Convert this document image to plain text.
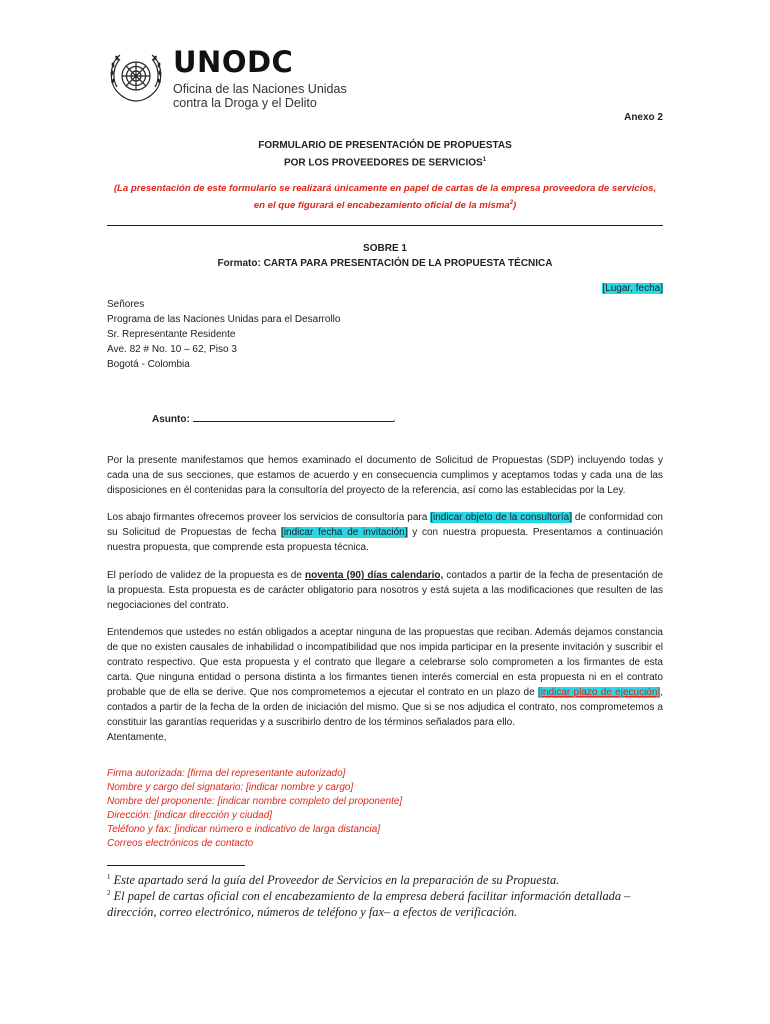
UNODC
Oficina de las Naciones Unidas
contra la Droga y el Delito
Anexo 2
FORMULARIO DE PRESENTACIÓN DE PROPUESTAS
POR LOS PROVEEDORES DE SERVICIOS$^1$
(La presentación de este formulario se realizará únicamente en papel de cartas de la empresa proveedora de servicios,
en el que figurará el encabezamiento oficial de la misma$^2$)
SOBRE 1
Formato: CARTA PARA PRESENTACIÓN DE LA PROPUESTA TÉCNICA
[Lugar, fecha]
Señores
Programa de las Naciones Unidas para el Desarrollo
Sr. Representante Residente
Ave. 82 # No. 10 – 62, Piso 3
Bogotá - Colombia
Asunto:	.
Por la presente manifestamos que hemos examinado el documento de Solicitud de Propuestas (SDP) incluyendo todas y cada una de sus secciones, que estamos de acuerdo y en consecuencia cumplimos y aceptamos todas y cada una de las disposiciones en él contenidas para la consultoría del proyecto de la referencia, así como las establecidas por la Ley.
Los abajo firmantes ofrecemos proveer los servicios de consultoría para [indicar objeto de la consultoría] de conformidad con su Solicitud de Propuestas de fecha [indicar fecha de invitación] y con nuestra propuesta. Presentamos a continuación nuestra propuesta, que comprende esta propuesta técnica.
El período de validez de la propuesta es de noventa (90) días calendario, contados a partir de la fecha de presentación de la propuesta. Esta propuesta es de carácter obligatorio para nosotros y está sujeta a las modificaciones que resulten de las negociaciones del contrato.
Entendemos que ustedes no están obligados a aceptar ninguna de las propuestas que reciban. Además dejamos constancia de que no existen causales de inhabilidad o incompatibilidad que nos impida participar en la presente invitación y suscribir el contrato respectivo. Que esta propuesta y el contrato que llegare a celebrarse solo comprometen a los firmantes de esta carta. Que ninguna entidad o persona distinta a los firmantes tienen interés comercial en esta propuesta ni en el contrato probable que de ella se derive. Que nos comprometemos a ejecutar el contrato en un plazo de [indicar plazo de ejecución], contados a partir de la fecha de la orden de iniciación del mismo. Que si se nos adjudica el contrato, nos comprometemos a constituir las garantías requeridas y a suscribirlo dentro de los términos señalados para ello.
Atentamente,
Firma autorizada: [firma del representante autorizado]
Nombre y cargo del signatario: [indicar nombre y cargo]
Nombre del proponente: [indicar nombre completo del proponente]
Dirección: [indicar dirección y ciudad]
Teléfono y fax: [indicar número e indicativo de larga distancia]
Correos electrónicos de contacto
$^1$ Este apartado será la guía del Proveedor de Servicios en la preparación de su Propuesta.
$^2$ El papel de cartas oficial con el encabezamiento de la empresa deberá facilitar información detallada – dirección, correo electrónico, números de teléfono y fax– a efectos de verificación.
